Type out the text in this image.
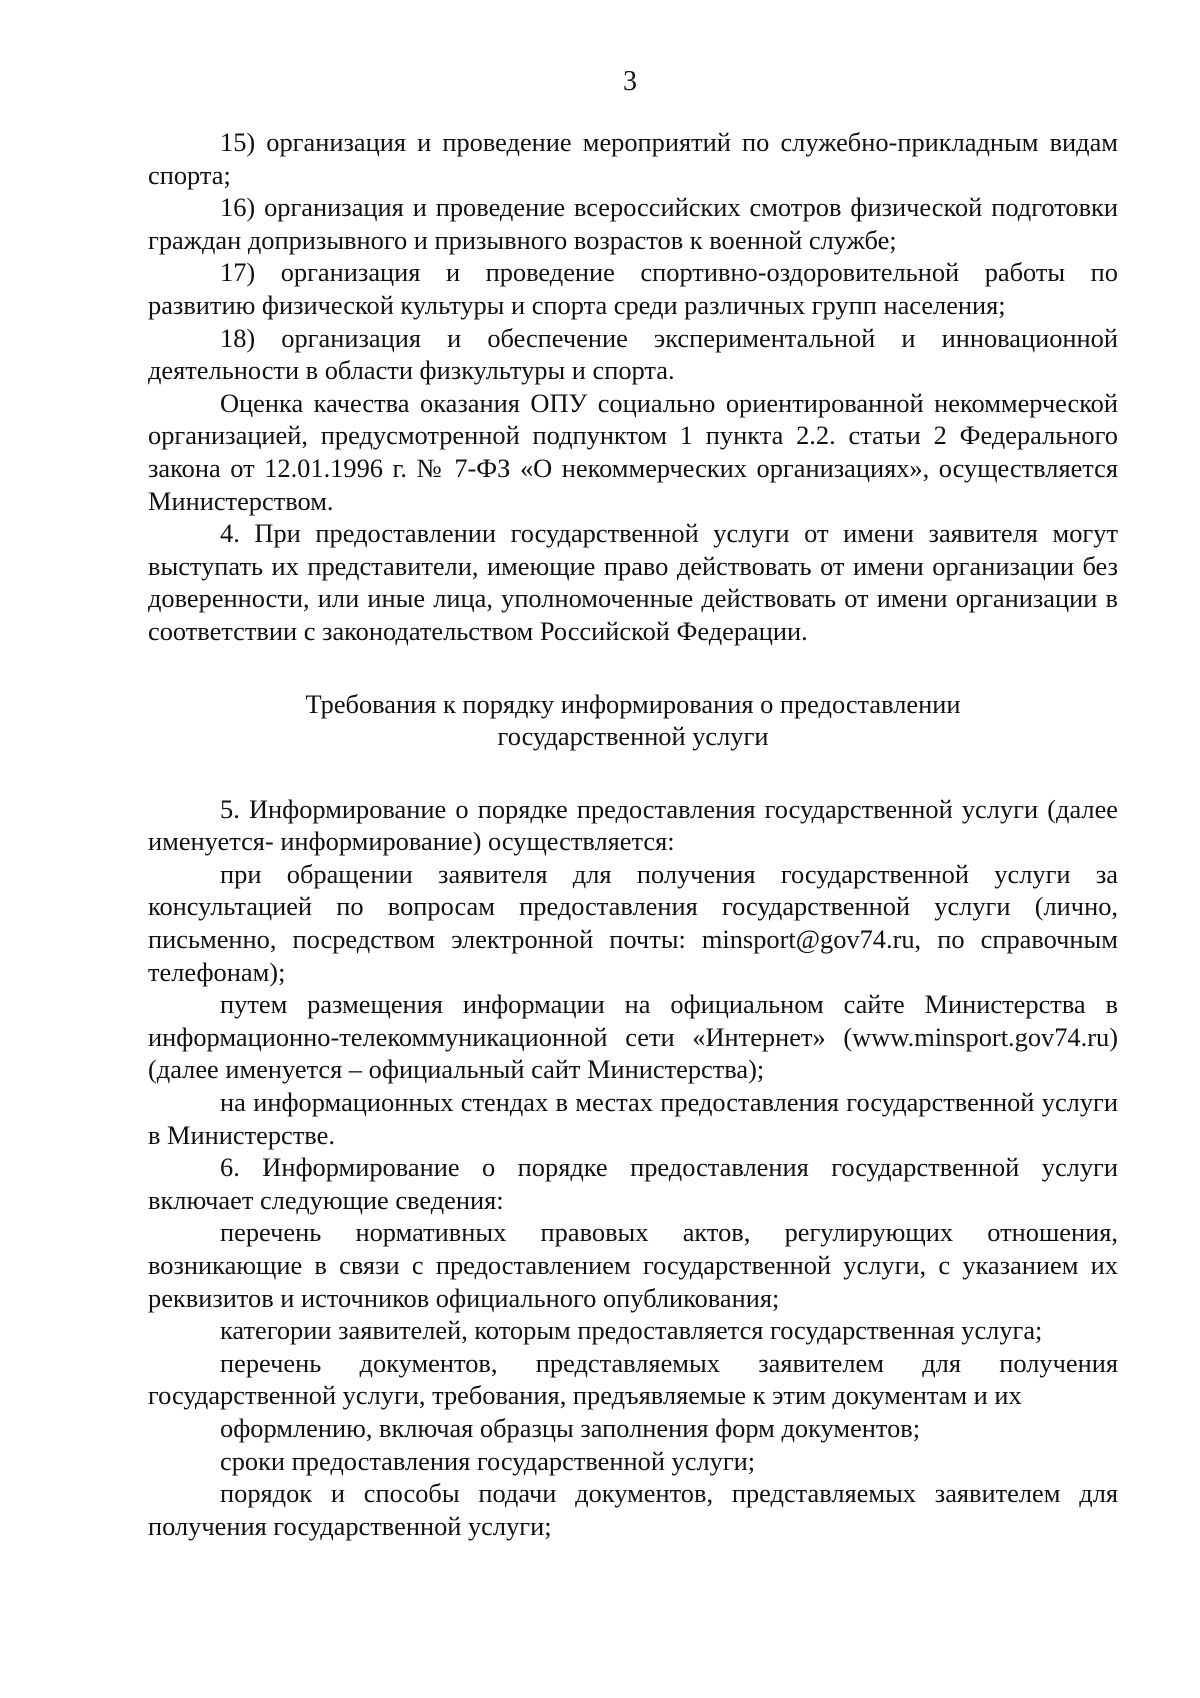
3

15) организация и проведение мероприятий по служебно-прикладным видам спорта;

16) организация и проведение всероссийских смотров физической подготовки граждан допризывного и призывного возрастов к военной службе;

17) организация и проведение спортивно-оздоровительной работы по развитию физической культуры и спорта среди различных групп населения;

18) организация и обеспечение экспериментальной и инновационной деятельности в области физкультуры и спорта.

Оценка качества оказания ОПУ социально ориентированной некоммерческой организацией, предусмотренной подпунктом 1 пункта 2.2. статьи 2 Федерального закона от 12.01.1996 г. № 7-ФЗ «О некоммерческих организациях», осуществляется Министерством.

4. При предоставлении государственной услуги от имени заявителя могут выступать их представители, имеющие право действовать от имени организации без доверенности, или иные лица, уполномоченные действовать от имени организации в соответствии с законодательством Российской Федерации.

Требования к порядку информирования о предоставлении
государственной услуги

5. Информирование о порядке предоставления государственной услуги (далее именуется- информирование) осуществляется:

при обращении заявителя для получения государственной услуги за консультацией по вопросам предоставления государственной услуги (лично, письменно, посредством электронной почты: minsport@gov74.ru, по справочным телефонам);

путем размещения информации на официальном сайте Министерства в информационно-телекоммуникационной сети «Интернет» (www.minsport.gov74.ru) (далее именуется – официальный сайт Министерства);

на информационных стендах в местах предоставления государственной услуги в Министерстве.

6. Информирование о порядке предоставления государственной услуги включает следующие сведения:

перечень нормативных правовых актов, регулирующих отношения, возникающие в связи с предоставлением государственной услуги, с указанием их реквизитов и источников официального опубликования;

категории заявителей, которым предоставляется государственная услуга;

перечень документов, представляемых заявителем для получения государственной услуги, требования, предъявляемые к этим документам и их

оформлению, включая образцы заполнения форм документов;

сроки предоставления государственной услуги;

порядок и способы подачи документов, представляемых заявителем для получения государственной услуги;
